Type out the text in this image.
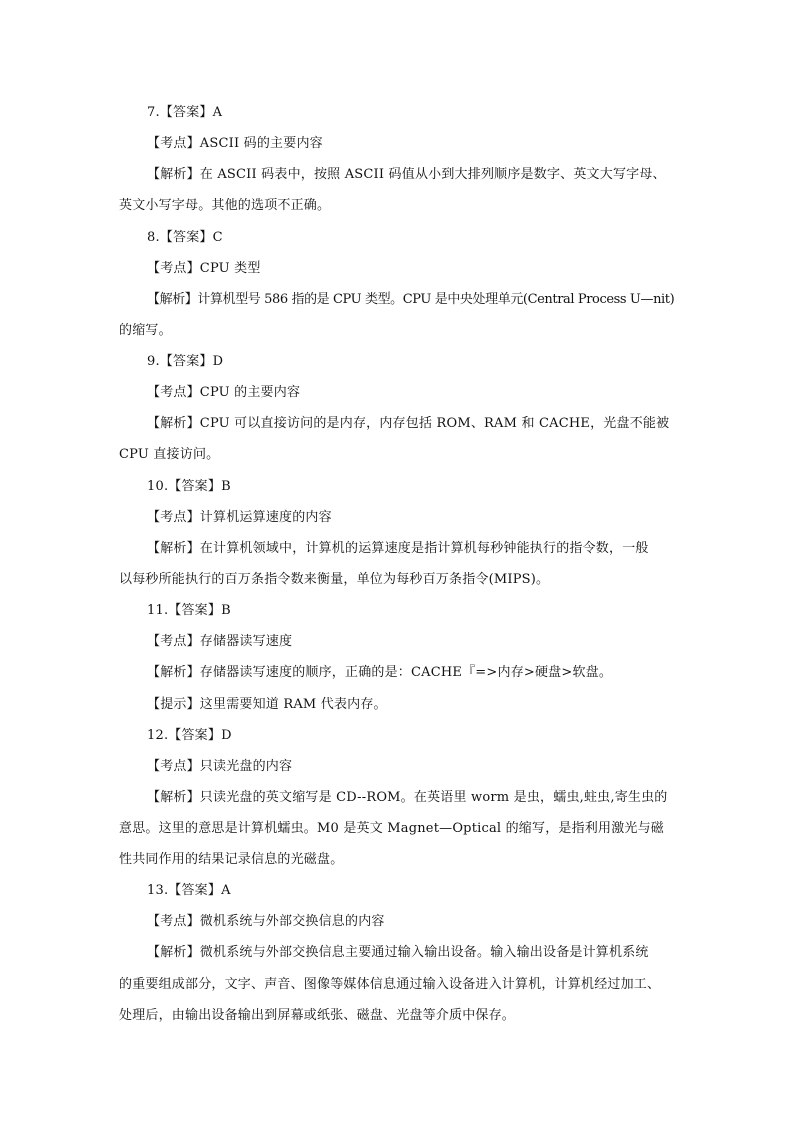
7.【答案】A
【考点】ASCII 码的主要内容
【解析】在 ASCII 码表中，按照 ASCII 码值从小到大排列顺序是数字、英文大写字母、
英文小写字母。其他的选项不正确。
8.【答案】C
【考点】CPU 类型
【解析】计算机型号 586 指的是 CPU 类型。CPU 是中央处理单元(Central Process U—nit)
的缩写。
9.【答案】D
【考点】CPU 的主要内容
【解析】CPU 可以直接访问的是内存，内存包括 ROM、RAM 和 CACHE，光盘不能被
CPU 直接访问。
10.【答案】B
【考点】计算机运算速度的内容
【解析】在计算机领域中，计算机的运算速度是指计算机每秒钟能执行的指令数，一般
以每秒所能执行的百万条指令数来衡量，单位为每秒百万条指令(MIPS)。
11.【答案】B
【考点】存储器读写速度
【解析】存储器读写速度的顺序，正确的是：CACHE『=>内存>硬盘>软盘。
【提示】这里需要知道 RAM 代表内存。
12.【答案】D
【考点】只读光盘的内容
【解析】只读光盘的英文缩写是 CD--ROM。在英语里 worm 是虫，蠕虫,蛀虫,寄生虫的
意思。这里的意思是计算机蠕虫。M0 是英文 Magnet—Optical 的缩写，是指利用激光与磁
性共同作用的结果记录信息的光磁盘。
13.【答案】A
【考点】微机系统与外部交换信息的内容
【解析】微机系统与外部交换信息主要通过输入输出设备。输入输出设备是计算机系统
的重要组成部分，文字、声音、图像等媒体信息通过输入设备进入计算机，计算机经过加工、
处理后，由输出设备输出到屏幕或纸张、磁盘、光盘等介质中保存。
